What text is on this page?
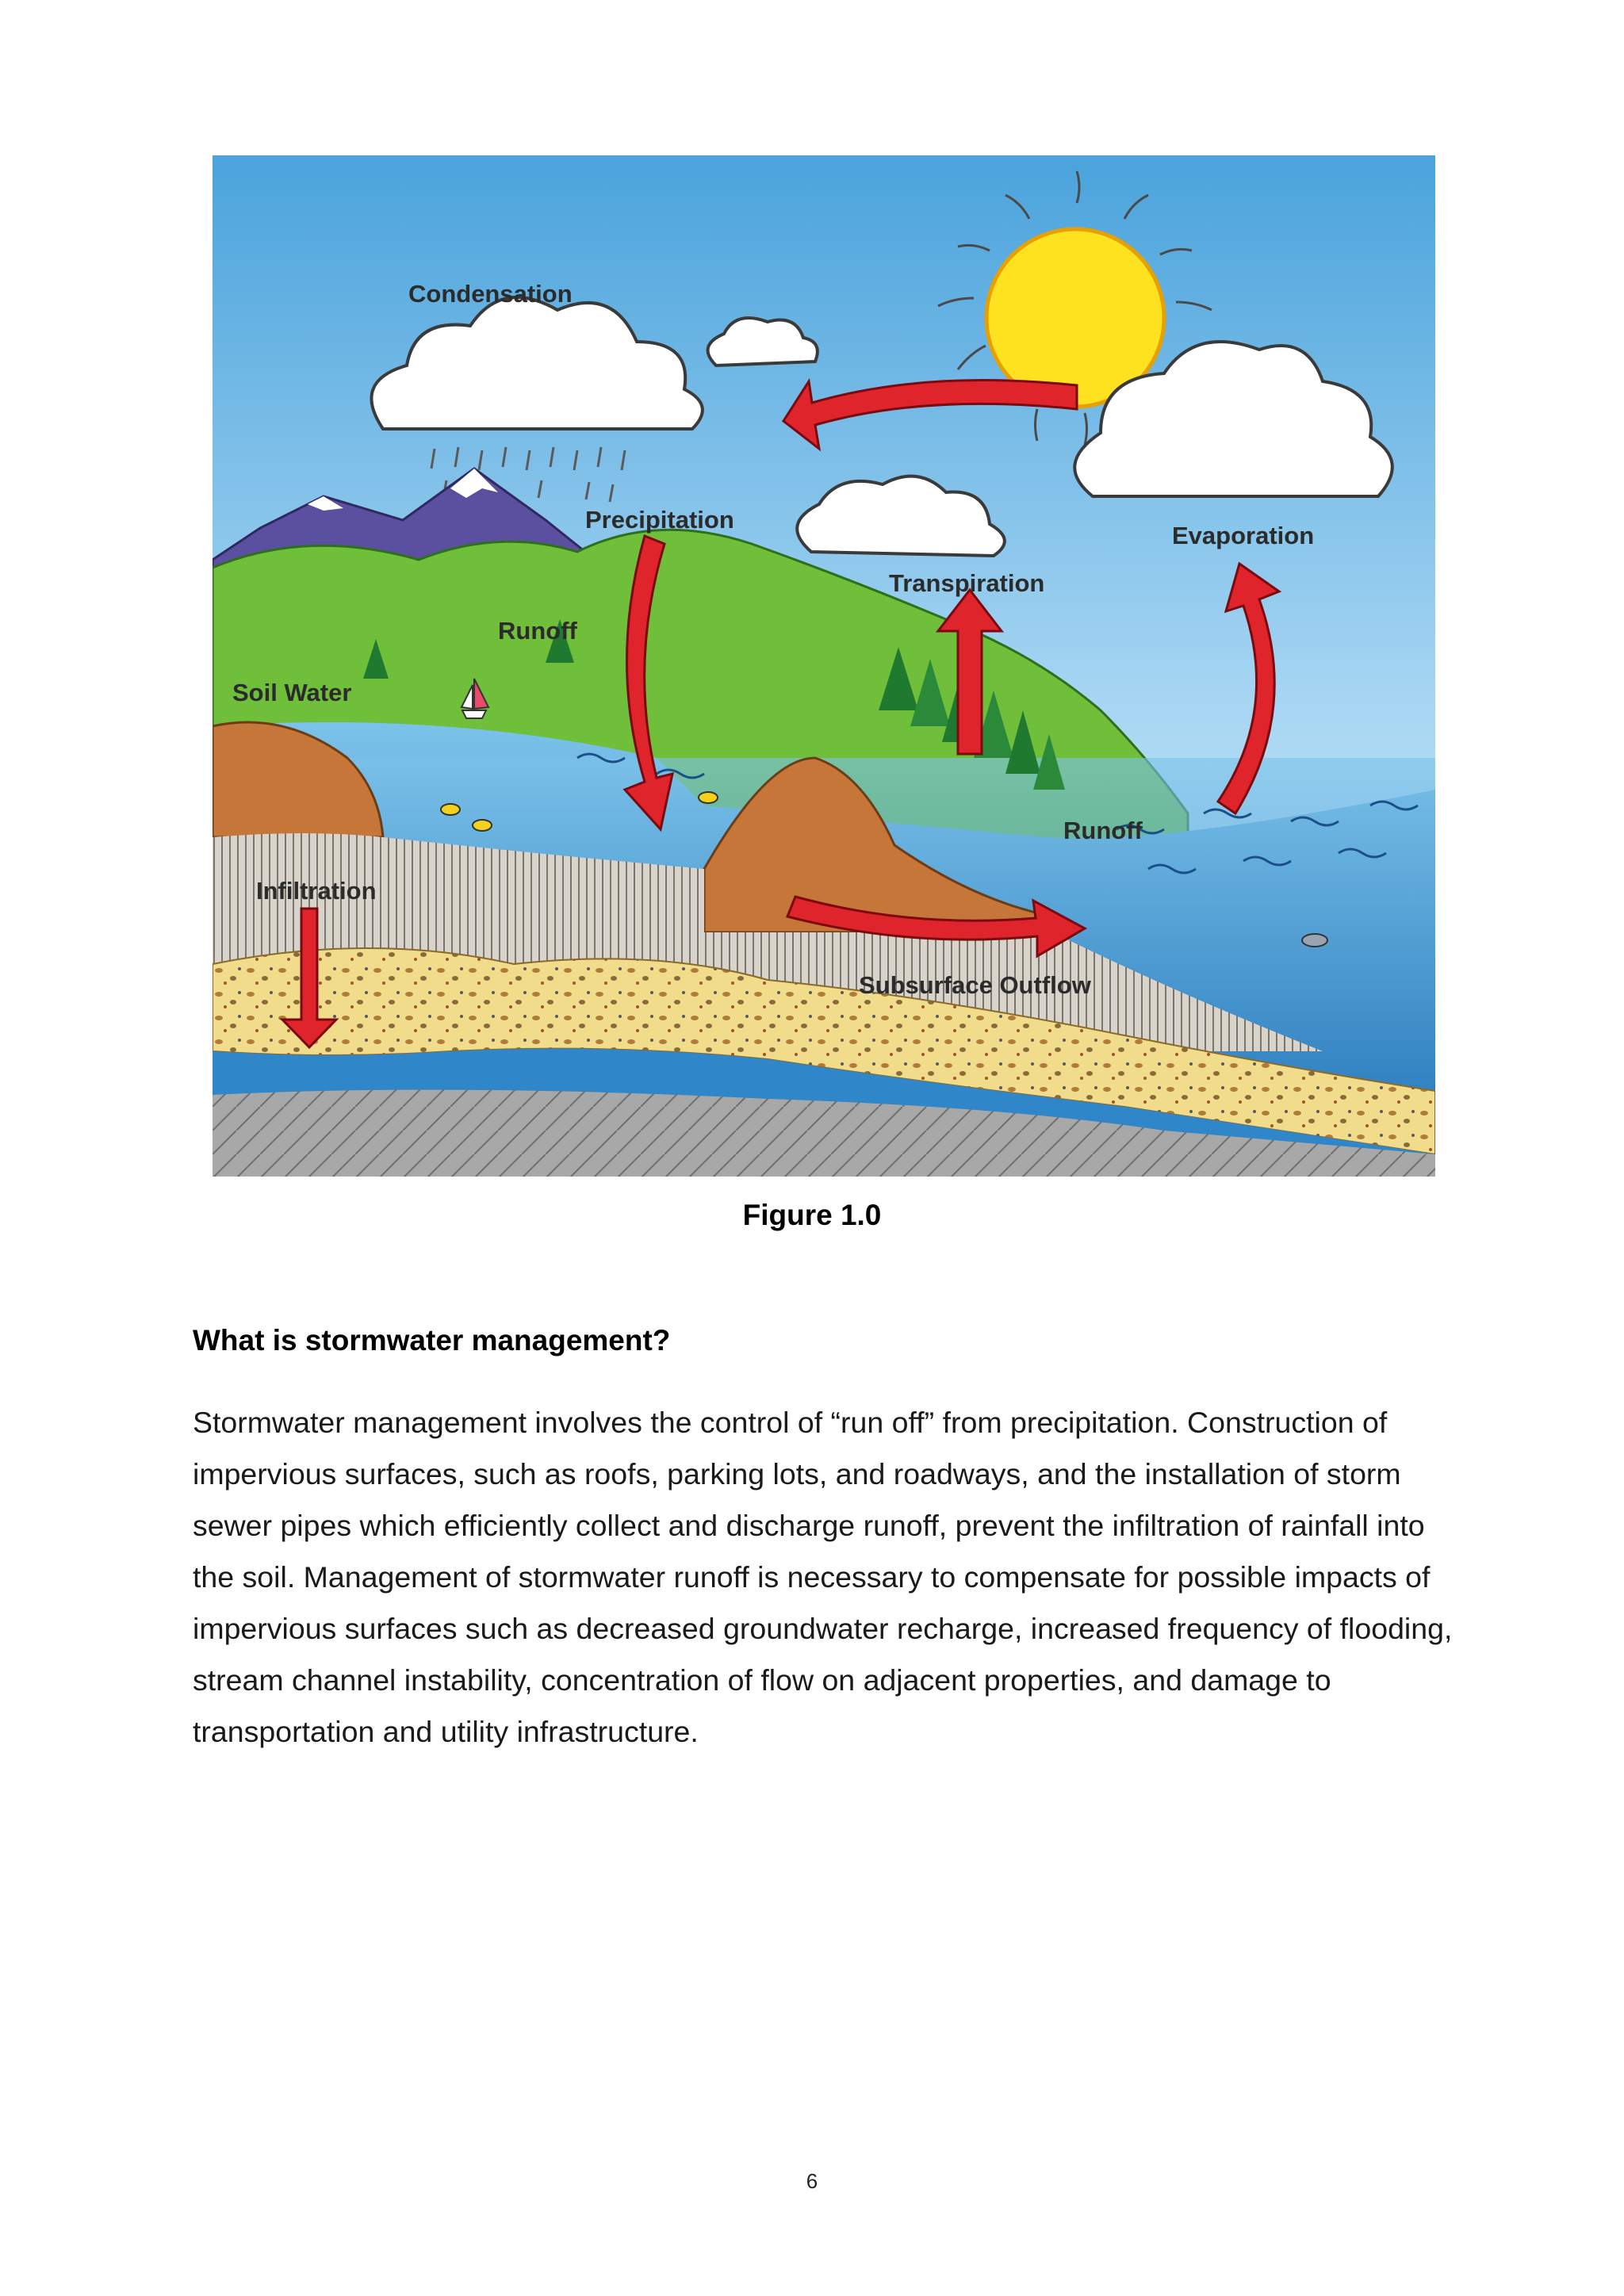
Condensation
Precipitation
Evaporation
Transpiration
Runoff
Runoff
Soil Water
Infiltration
Subsurface Outflow
Figure 1.0
What is stormwater management?

Stormwater management involves the control of “run off” from precipitation. Construction of impervious surfaces, such as roofs, parking lots, and roadways, and the installation of storm sewer pipes which efficiently collect and discharge runoff, prevent the infiltration of rainfall into the soil. Management of stormwater runoff is necessary to compensate for possible impacts of impervious surfaces such as decreased groundwater recharge, increased frequency of flooding, stream channel instability, concentration of flow on adjacent properties, and damage to transportation and utility infrastructure.

6
